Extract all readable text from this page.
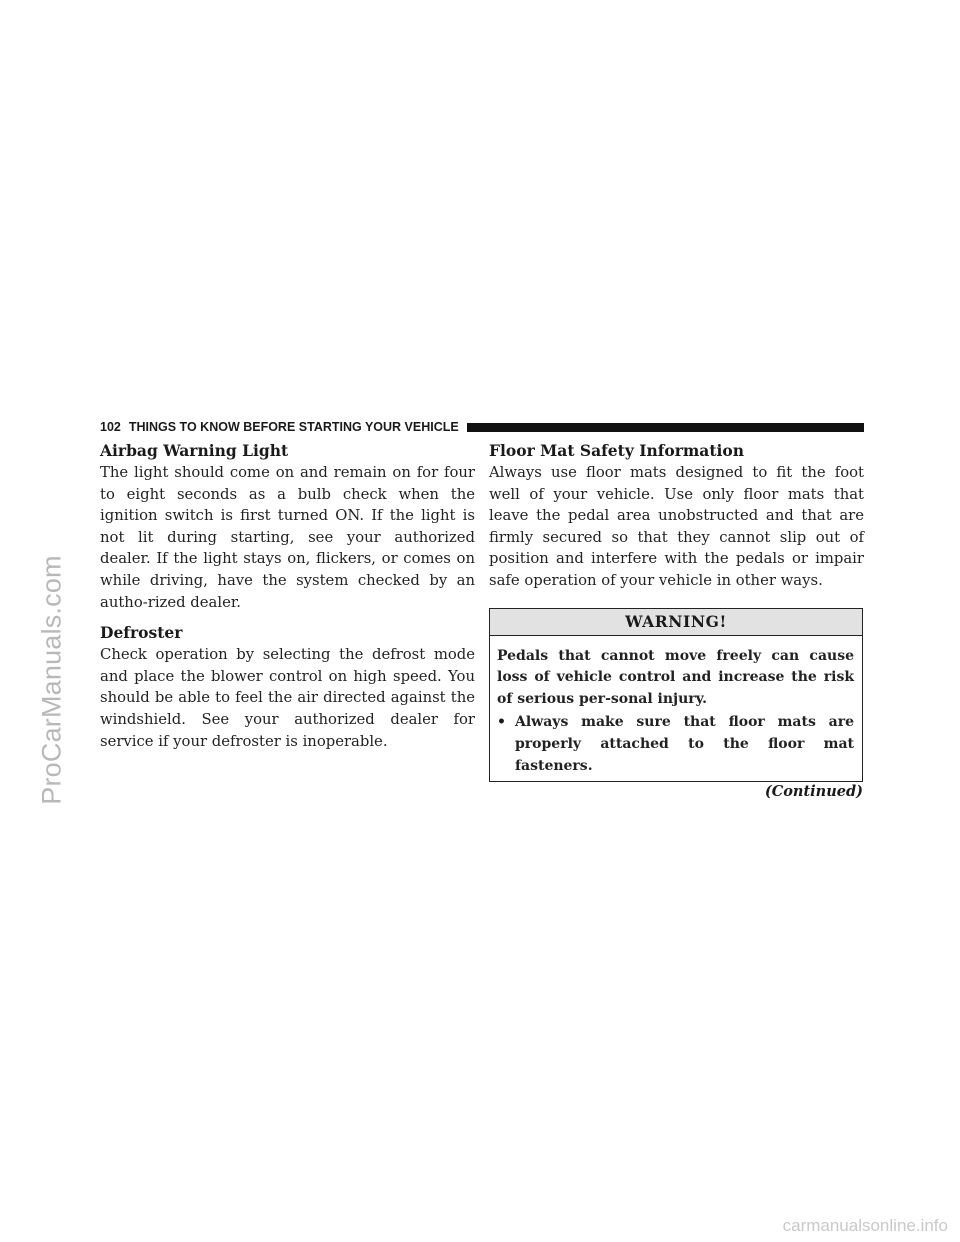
ProCarManuals.com
102 THINGS TO KNOW BEFORE STARTING YOUR VEHICLE
Airbag Warning Light

The light should come on and remain on for four to eight seconds as a bulb check when the ignition switch is first turned ON. If the light is not lit during starting, see your authorized dealer. If the light stays on, flickers, or comes on while driving, have the system checked by an autho-rized dealer.

Defroster

Check operation by selecting the defrost mode and place the blower control on high speed. You should be able to feel the air directed against the windshield. See your authorized dealer for service if your defroster is inoperable.

Floor Mat Safety Information

Always use floor mats designed to fit the foot well of your vehicle. Use only floor mats that leave the pedal area unobstructed and that are firmly secured so that they cannot slip out of position and interfere with the pedals or impair safe operation of your vehicle in other ways.

WARNING!

Pedals that cannot move freely can cause loss of vehicle control and increase the risk of serious per-sonal injury.

• Always make sure that floor mats are properly attached to the floor mat fasteners.

(Continued)
carmanualsonline.info
